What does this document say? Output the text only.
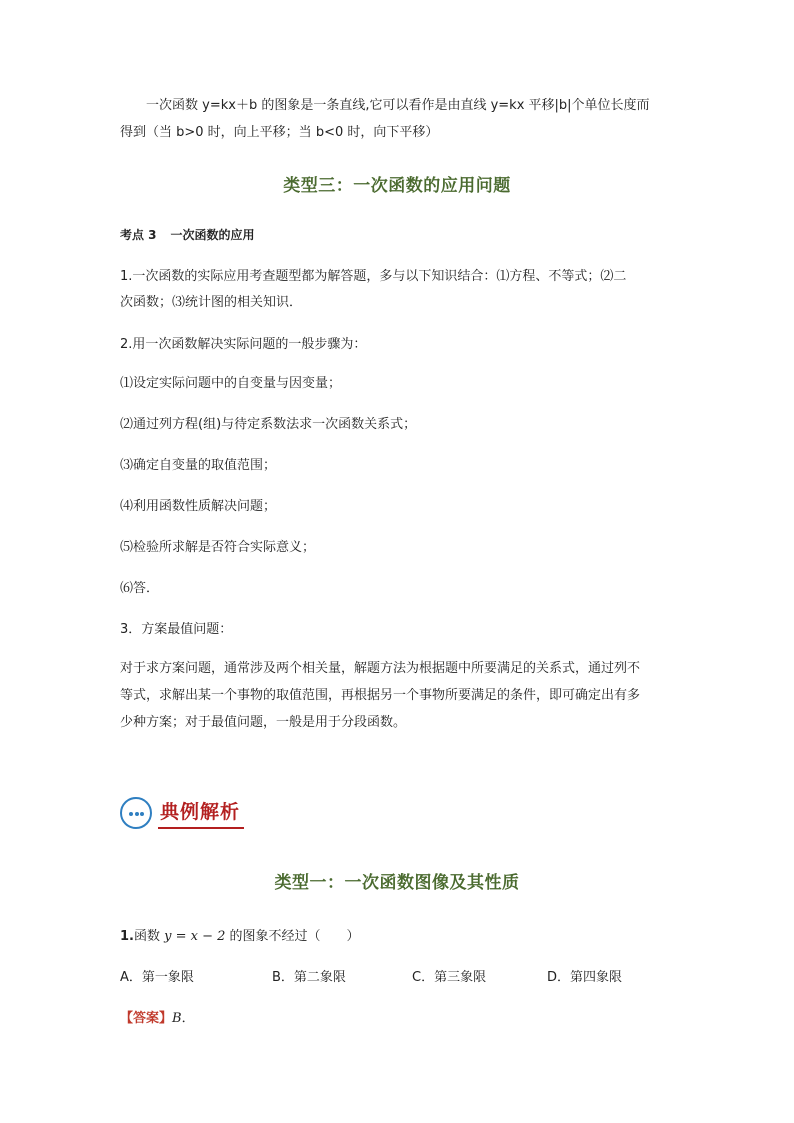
一次函数 y=kx＋b 的图象是一条直线,它可以看作是由直线 y=kx 平移|b|个单位长度而

得到（当 b>0 时，向上平移；当 b<0 时，向下平移）

类型三：一次函数的应用问题

考点 3 一次函数的应用

1.一次函数的实际应用考查题型都为解答题，多与以下知识结合：⑴方程、不等式；⑵二

次函数；⑶统计图的相关知识．

2.用一次函数解决实际问题的一般步骤为：

⑴设定实际问题中的自变量与因变量；

⑵通过列方程(组)与待定系数法求一次函数关系式；

⑶确定自变量的取值范围；

⑷利用函数性质解决问题；

⑸检验所求解是否符合实际意义；

⑹答．

3．方案最值问题：

对于求方案问题，通常涉及两个相关量，解题方法为根据题中所要满足的关系式，通过列不

等式，求解出某一个事物的取值范围，再根据另一个事物所要满足的条件，即可确定出有多

少种方案；对于最值问题，一般是用于分段函数。

典例解析
类型一：一次函数图像及其性质

1.函数 y = x − 2 的图象不经过（　　）

A．第一象限	B．第二象限	C．第三象限	D．第四象限

【答案】B．
